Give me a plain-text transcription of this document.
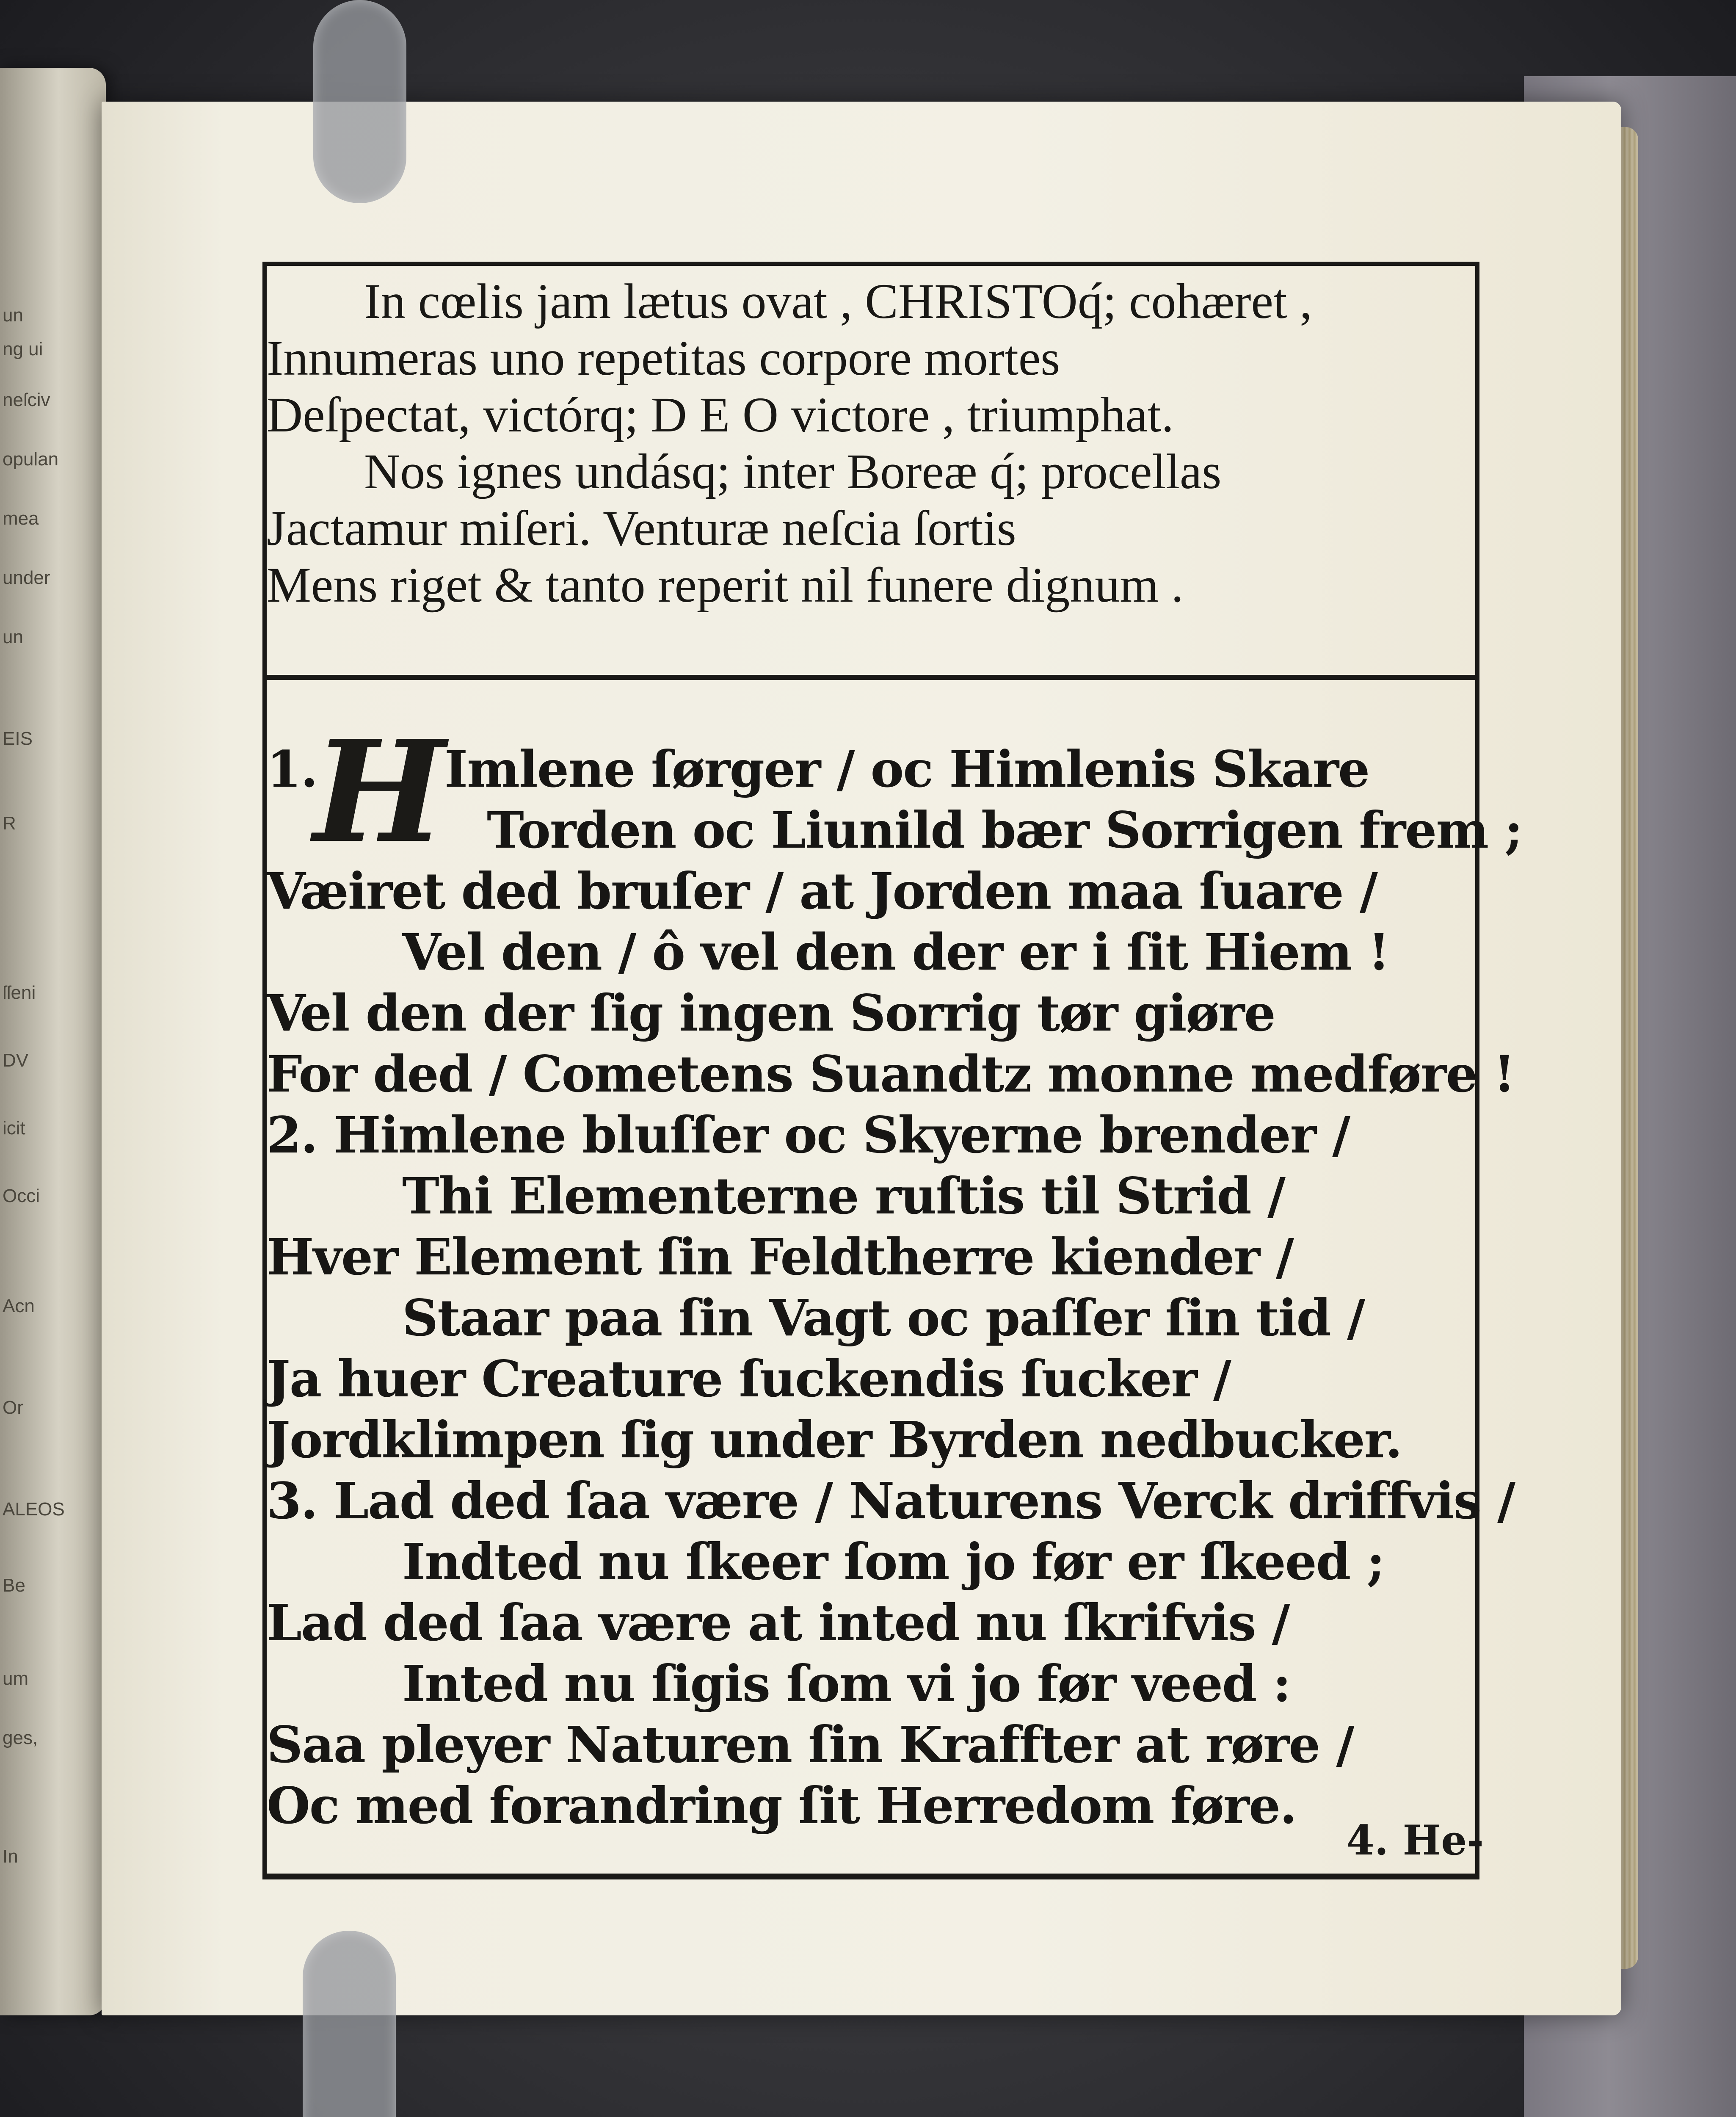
un
ng ui
neſciv
opulan
mea
under
un
EIS
R
ſſeni
DV
icit
Occi
Acn
Or
ALEOS
Be
um
ges,
In
In cœlis jam lætus ovat , CHRISTOq́; cohæret ,
Innumeras uno repetitas corpore mortes
Deſpectat, victórq; D E O victore , triumphat.
Nos ignes undásq; inter Boreæ q́; procellas
Jactamur miſeri. Venturæ neſcia ſortis
Mens riget & tanto reperit nil funere dignum .
1.
H Imlene ſørger / oc Himlenis Skare
Torden oc Liunild bær Sorrigen frem ;
Væiret ded bruſer / at Jorden maa ſuare /
Vel den / ô vel den der er i ſit Hiem !
Vel den der ſig ingen Sorrig tør giøre
For ded / Cometens Suandtz monne medføre !
2. Himlene bluſſer oc Skyerne brender /
Thi Elementerne ruſtis til Strid /
Hver Element ſin Feldtherre kiender /
Staar paa ſin Vagt oc paſſer ſin tid /
Ja huer Creature ſuckendis ſucker /
Jordklimpen ſig under Byrden nedbucker.
3. Lad ded ſaa være / Naturens Verck driffvis /
Indted nu ſkeer ſom jo før er ſkeed ;
Lad ded ſaa være at inted nu ſkrifvis /
Inted nu ſigis ſom vi jo før veed :
Saa pleyer Naturen ſin Kraffter at røre /
Oc med forandring ſit Herredom føre.
4. He-
